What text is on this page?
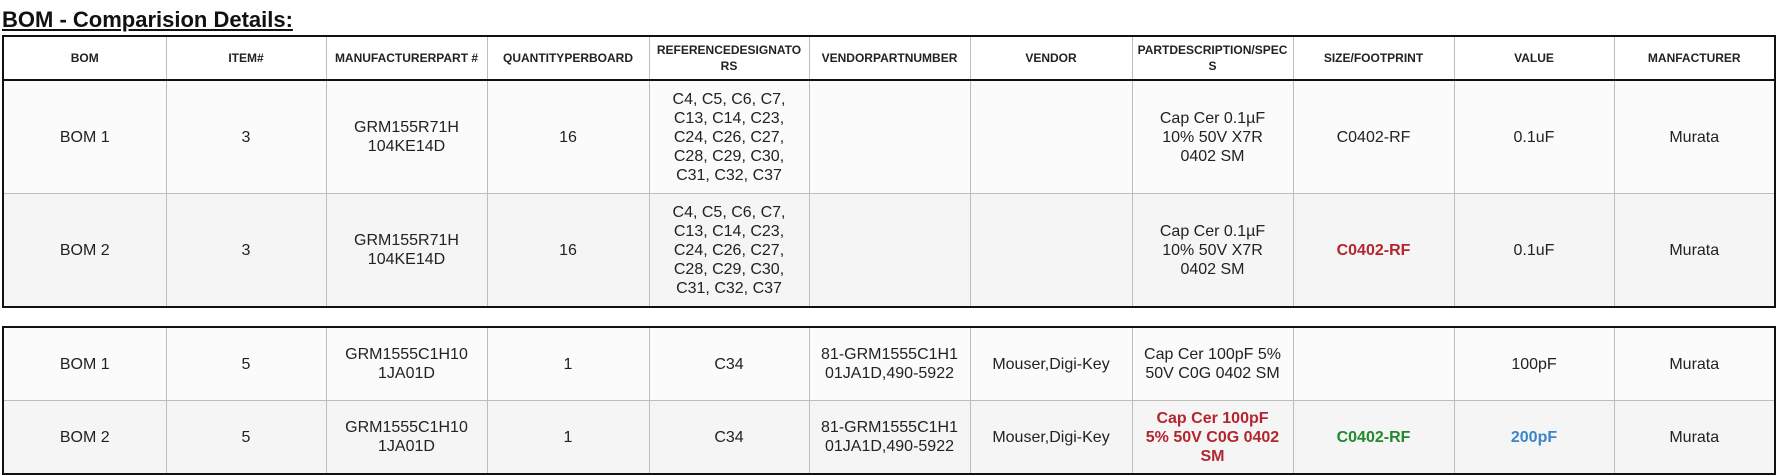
BOM - Comparision Details:
BOM	ITEM#	MANUFACTURERPART #	QUANTITYPERBOARD	REFERENCEDESIGNATORS	VENDORPARTNUMBER	VENDOR	PARTDESCRIPTION/SPECS	SIZE/FOOTPRINT	VALUE	MANFACTURER
BOM 1	3	GRM155R71H104KE14D	16	C4, C5, C6, C7, C13, C14, C23, C24, C26, C27, C28, C29, C30, C31, C32, C37			Cap Cer 0.1µF 10% 50V X7R 0402 SM	C0402-RF	0.1uF	Murata
BOM 2	3	GRM155R71H104KE14D	16	C4, C5, C6, C7, C13, C14, C23, C24, C26, C27, C28, C29, C30, C31, C32, C37			Cap Cer 0.1µF 10% 50V X7R 0402 SM	C0402-RF	0.1uF	Murata
BOM 1	5	GRM1555C1H101JA01D	1	C34	81-GRM1555C1H101JA1D,490-5922	Mouser,Digi-Key	Cap Cer 100pF 5% 50V C0G 0402 SM		100pF	Murata
BOM 2	5	GRM1555C1H101JA01D	1	C34	81-GRM1555C1H101JA1D,490-5922	Mouser,Digi-Key	Cap Cer 100pF 5% 50V C0G 0402 SM	C0402-RF	200pF	Murata
